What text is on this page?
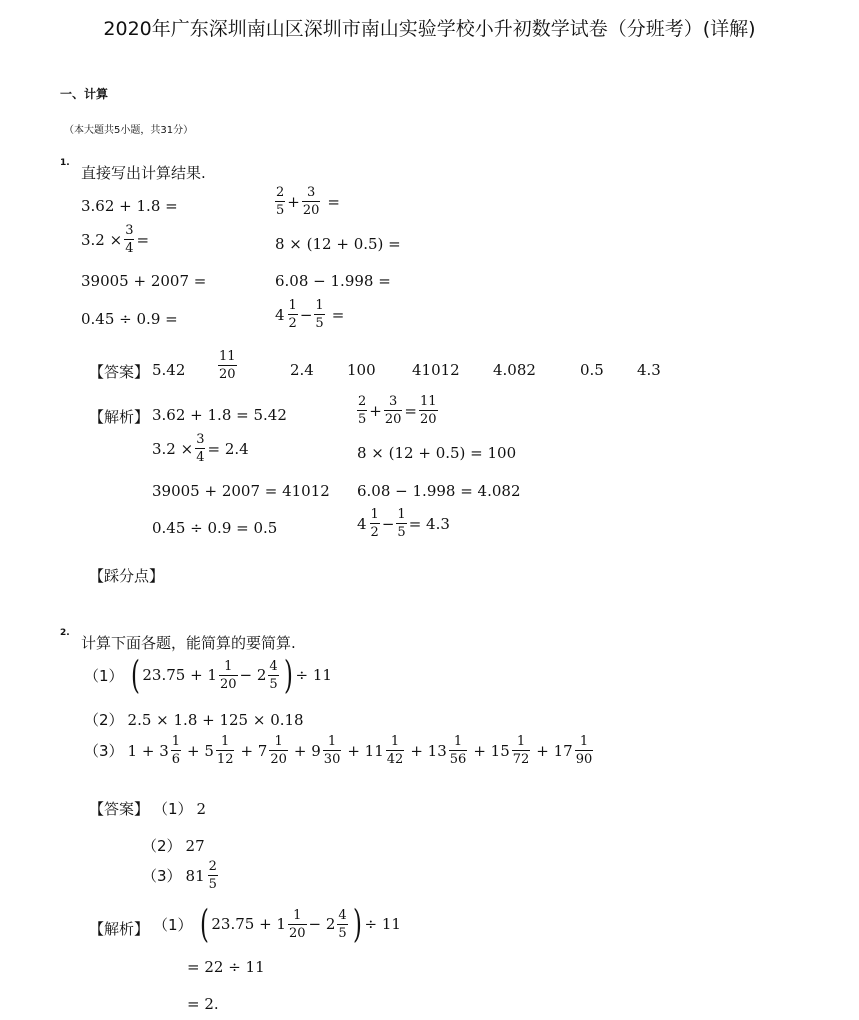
2020年广东深圳南山区深圳市南山实验学校小升初数学试卷（分班考）(详解)
一、计算
（本大题共5小题，共31分）
1.
直接写出计算结果.
3.62 + 1.8 =	$\frac{2}{5} + \frac{3}{20}$ =
$3.2 \times \frac{3}{4}$ =	8 × (12 + 0.5) =
39005 + 2007 =	6.08 − 1.998 =
0.45 ÷ 0.9 =	$4 \frac{1}{2} - \frac{1}{5}$ =
【答案】 5.42	$\frac{11}{20}$	2.4 100 41012 4.082	0.5 4.3
【解析】 3.62 + 1.8 = 5.42	$\frac{2}{5} + \frac{3}{20} = \frac{11}{20}$
$3.2 \times \frac{3}{4} = 2.4$	8 × (12 + 0.5) = 100
39005 + 2007 = 41012 6.08 − 1.998 = 4.082
0.45 ÷ 0.9 = 0.5	$4 \frac{1}{2} - \frac{1}{5} = 4.3$
【踩分点】
2.
计算下面各题，能简算的要简算.
（1） ( $23.75 + 1 \frac{1}{20} - 2 \frac{4}{5}$ ) ÷ 11
（2） 2.5 × 1.8 + 125 × 0.18
（3） $1 + 3 \frac{1}{6} + 5 \frac{1}{12} + 7 \frac{1}{20} + 9 \frac{1}{30} + 11 \frac{1}{42} + 13 \frac{1}{56} + 15 \frac{1}{72} + 17 \frac{1}{90}$
【答案】 （1） 2
（2） 27
（3） $81 \frac{2}{5}$
【解析】 （1） ( $23.75 + 1 \frac{1}{20} - 2 \frac{4}{5}$ ) ÷ 11
= 22 ÷ 11
= 2.
